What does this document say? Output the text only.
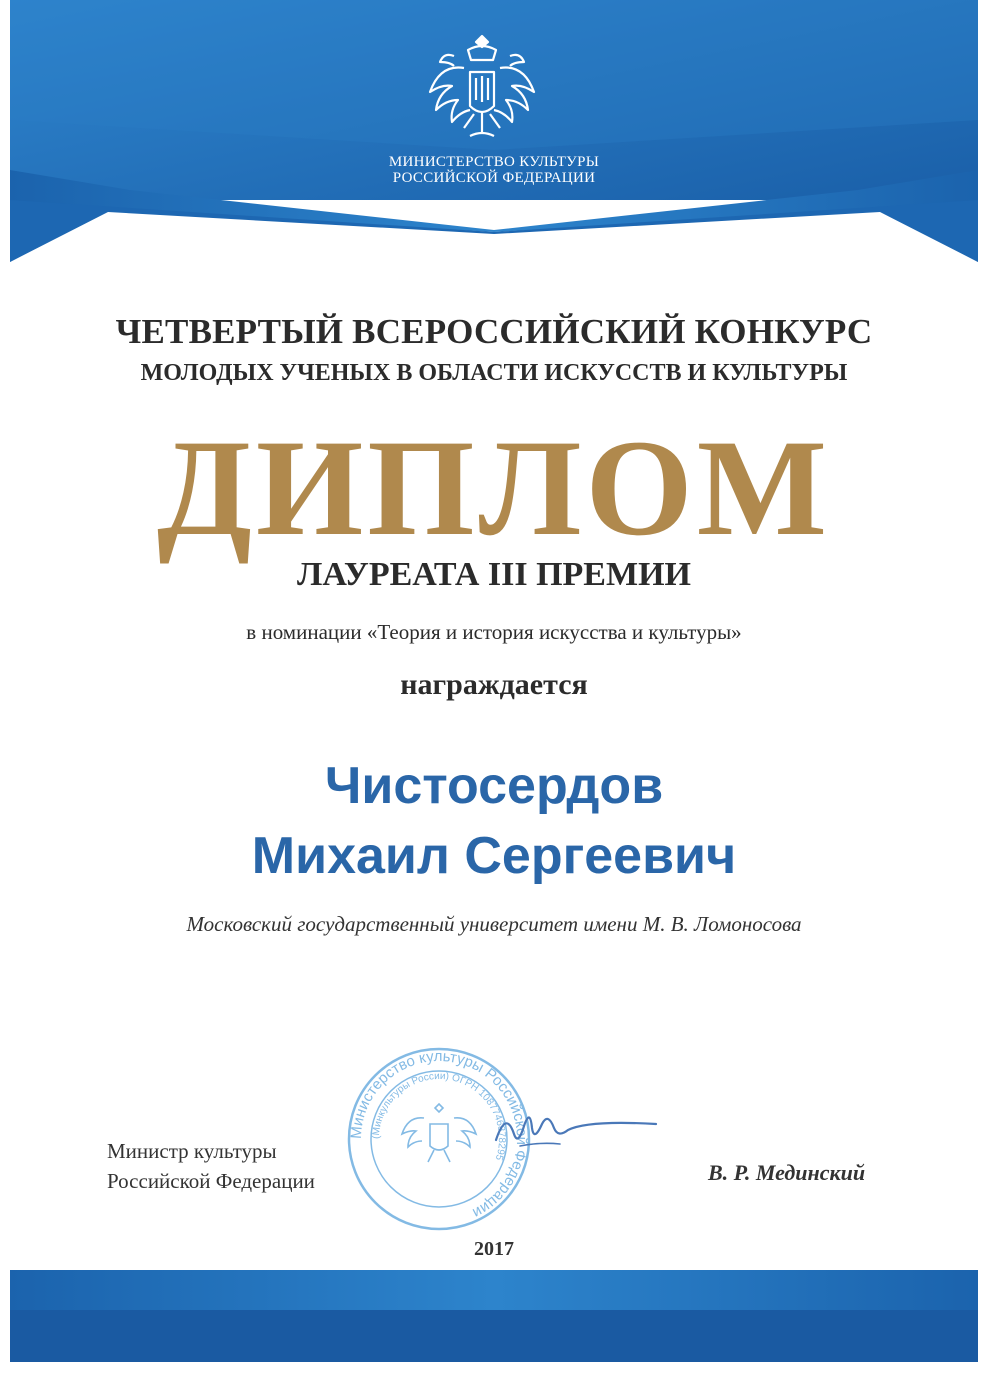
МИНИСТЕРСТВО КУЛЬТУРЫ
РОССИЙСКОЙ ФЕДЕРАЦИИ
ЧЕТВЕРТЫЙ ВСЕРОССИЙСКИЙ КОНКУРС
МОЛОДЫХ УЧЕНЫХ В ОБЛАСТИ ИСКУССТВ И КУЛЬТУРЫ
ДИПЛОМ
ЛАУРЕАТА III ПРЕМИИ
в номинации «Теория и история искусства и культуры»
награждается
Чистосердов
Михаил Сергеевич
Московский государственный университет имени М. В. Ломоносова
Министр культуры
Российской Федерации
Министерство культуры Российской Федерации
(Минкультуры России) ОГРН 1087746878295
В. Р. Мединский
2017
